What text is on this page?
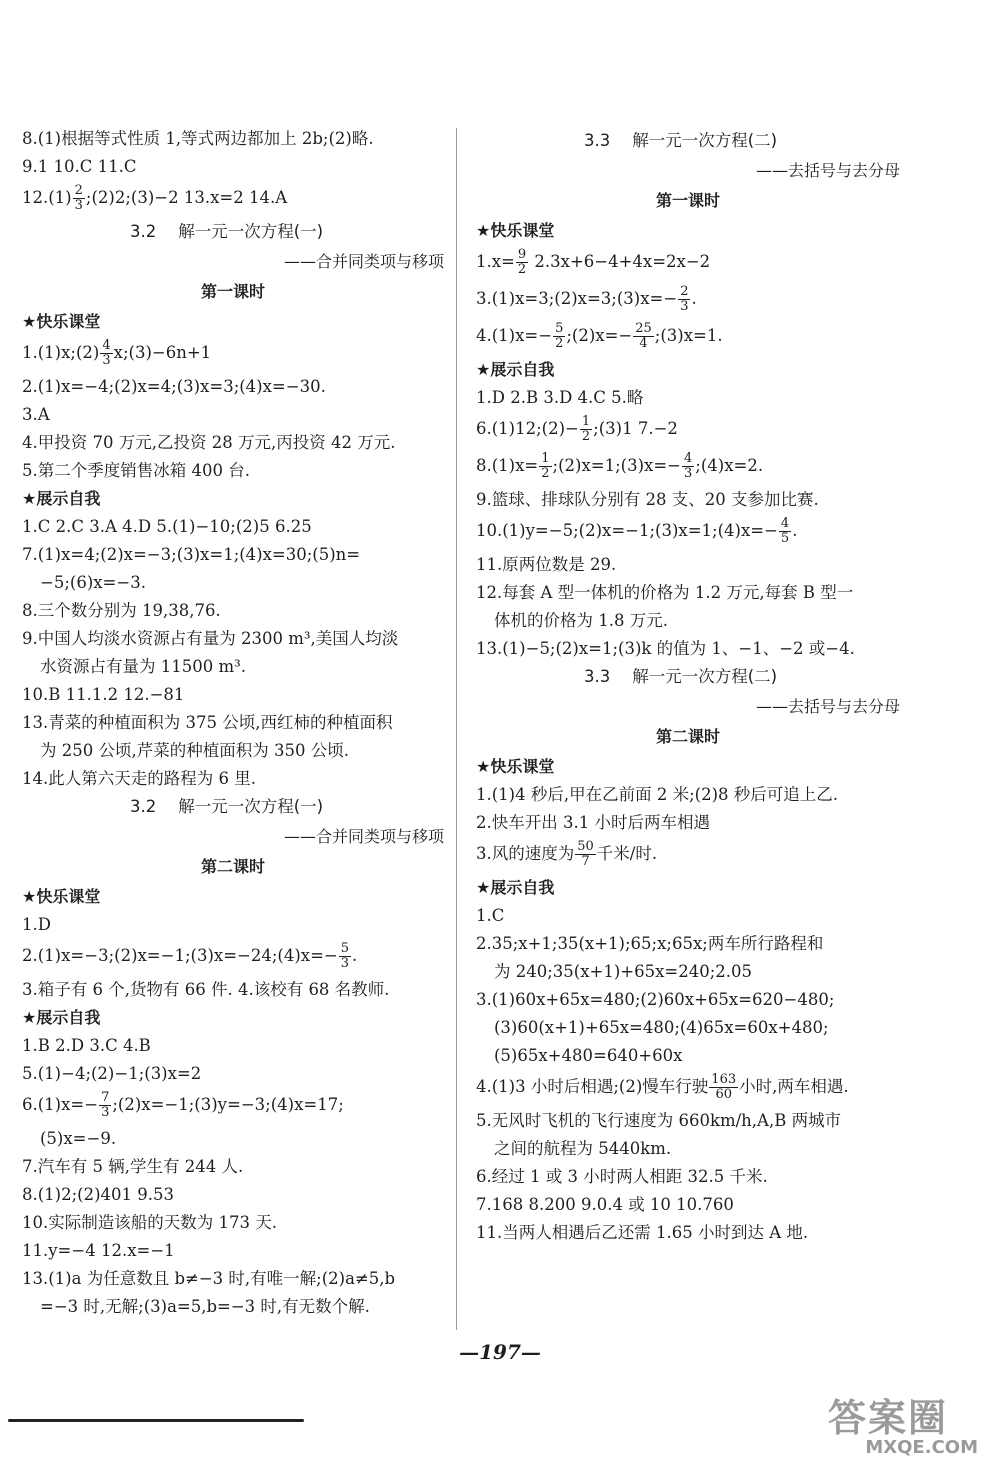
8.(1)根据等式性质 1,等式两边都加上 2b;(2)略.
9.1 10.C 11.C
$12.(1) \frac{2}{3}$ ;(2)2;(3)−2 13.x=2 14.A
3.2 解一元一次方程(一)
——合并同类项与移项
第一课时
★快乐课堂
1.(1)x;(2) $\frac{4}{3}$ x;(3)−6n+1
2.(1)x=−4;(2)x=4;(3)x=3;(4)x=−30.
3.A
4.甲投资 70 万元,乙投资 28 万元,丙投资 42 万元.
5.第二个季度销售冰箱 400 台.
★展示自我
1.C 2.C 3.A 4.D 5.(1)−10;(2)5 6.25
7.(1)x=4;(2)x=−3;(3)x=1;(4)x=30;(5)n=
−5;(6)x=−3.
8.三个数分别为 19,38,76.
9.中国人均淡水资源占有量为 2300 m³,美国人均淡
水资源占有量为 11500 m³.
10.B 11.1.2 12.−81
13.青菜的种植面积为 375 公顷,西红柿的种植面积
为 250 公顷,芹菜的种植面积为 350 公顷.
14.此人第六天走的路程为 6 里.
3.2 解一元一次方程(一)
——合并同类项与移项
第二课时
★快乐课堂
1.D
2.(1)x=−3;(2)x=−1;(3)x=−24;(4)x=− $\frac{5}{3}$ .
3.箱子有 6 个,货物有 66 件. 4.该校有 68 名教师.
★展示自我
1.B 2.D 3.C 4.B
5.(1)−4;(2)−1;(3)x=2
$6.(1)x=- \frac{7}{3}$ ;(2)x=−1;(3)y=−3;(4)x=17;
(5)x=−9.
7.汽车有 5 辆,学生有 244 人.
8.(1)2;(2)401 9.53
10.实际制造该船的天数为 173 天.
11.y=−4 12.x=−1
13.(1)a 为任意数且 b≠−3 时,有唯一解;(2)a≠5,b
=−3 时,无解;(3)a=5,b=−3 时,有无数个解.
3.3 解一元一次方程(二)
——去括号与去分母
第一课时
★快乐课堂
$1.x= \frac{9}{2} 2.3x+6-4+4x=2x-2$
3.(1)x=3;(2)x=3;(3)x=− $\frac{2}{3}$ .
$4.(1)x=- \frac{5}{2}$ ;(2)x=− $\frac{25}{4}$ ;(3)x=1.
★展示自我
1.D 2.B 3.D 4.C 5.略
6.(1)12;(2)− $\frac{1}{2}$ ;(3)1 7.−2
$8.(1)x= \frac{1}{2}$ ;(2)x=1;(3)x=− $\frac{4}{3}$ ;(4)x=2.
9.篮球、排球队分别有 28 支、20 支参加比赛.
10.(1)y=−5;(2)x=−1;(3)x=1;(4)x=− $\frac{4}{5}$ .
11.原两位数是 29.
12.每套 A 型一体机的价格为 1.2 万元,每套 B 型一
体机的价格为 1.8 万元.
13.(1)−5;(2)x=1;(3)k 的值为 1、−1、−2 或−4.
3.3 解一元一次方程(二)
——去括号与去分母
第二课时
★快乐课堂
1.(1)4 秒后,甲在乙前面 2 米;(2)8 秒后可追上乙.
2.快车开出 3.1 小时后两车相遇
3.风的速度为 $\frac{50}{7}$ 千米/时.
★展示自我
1.C
2.35;x+1;35(x+1);65;x;65x;两车所行路程和
为 240;35(x+1)+65x=240;2.05
3.(1)60x+65x=480;(2)60x+65x=620−480;
(3)60(x+1)+65x=480;(4)65x=60x+480;
(5)65x+480=640+60x
4.(1)3 小时后相遇;(2)慢车行驶 $\frac{163}{60}$ 小时,两车相遇.
5.无风时飞机的飞行速度为 660km/h,A,B 两城市
之间的航程为 5440km.
6.经过 1 或 3 小时两人相距 32.5 千米.
7.168 8.200 9.0.4 或 10 10.760
11.当两人相遇后乙还需 1.65 小时到达 A 地.
—197—
答案圈
MXQE.COM
